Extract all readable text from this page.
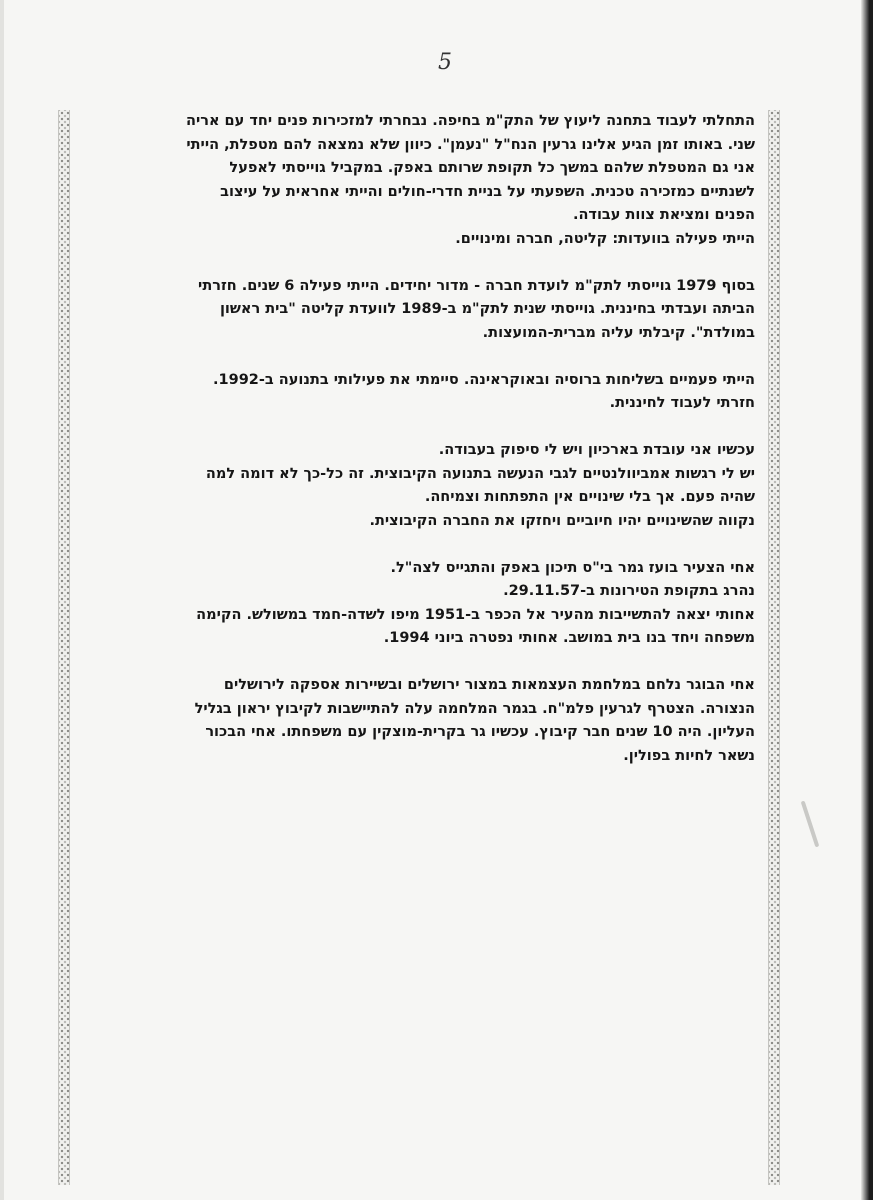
5

התחלתי לעבוד בתחנה ליעוץ של התק"מ בחיפה. נבחרתי למזכירות פנים יחד עם אריה
שני. באותו זמן הגיע אלינו גרעין הנח"ל "נעמן". כיוון שלא נמצאה להם מטפלת, הייתי
אני גם המטפלת שלהם במשך כל תקופת שרותם באפק. במקביל גוייסתי לאפעל
לשנתיים כמזכירה טכנית. השפעתי על בניית חדרי-חולים והייתי אחראית על עיצוב
הפנים ומציאת צוות עבודה.
הייתי פעילה בוועדות: קליטה, חברה ומינויים.

בסוף 1979 גוייסתי לתק"מ לועדת חברה - מדור יחידים. הייתי פעילה 6 שנים. חזרתי
הביתה ועבדתי בחיננית. גוייסתי שנית לתק"מ ב-1989 לוועדת קליטה "בית ראשון
במולדת". קיבלתי עליה מברית-המועצות.

הייתי פעמיים בשליחות ברוסיה ובאוקראינה. סיימתי את פעילותי בתנועה ב-1992.
חזרתי לעבוד לחיננית.

עכשיו אני עובדת בארכיון ויש לי סיפוק בעבודה.
יש לי רגשות אמביוולנטיים לגבי הנעשה בתנועה הקיבוצית. זה כל-כך לא דומה למה
שהיה פעם. אך בלי שינויים אין התפתחות וצמיחה.
נקווה שהשינויים יהיו חיוביים ויחזקו את החברה הקיבוצית.

אחי הצעיר בועז גמר בי"ס תיכון באפק והתגייס לצה"ל.
נהרג בתקופת הטירונות ב-29.11.57.
אחותי יצאה להתשייבות מהעיר אל הכפר ב-1951 מיפו לשדה-חמד במשולש. הקימה
משפחה ויחד בנו בית במושב. אחותי נפטרה ביוני 1994.

אחי הבוגר נלחם במלחמת העצמאות במצור ירושלים ובשיירות אספקה לירושלים
הנצורה. הצטרף לגרעין פלמ"ח. בגמר המלחמה עלה להתיישבות לקיבוץ יראון בגליל
העליון. היה 10 שנים חבר קיבוץ. עכשיו גר בקרית-מוצקין עם משפחתו. אחי הבכור
נשאר לחיות בפולין.
